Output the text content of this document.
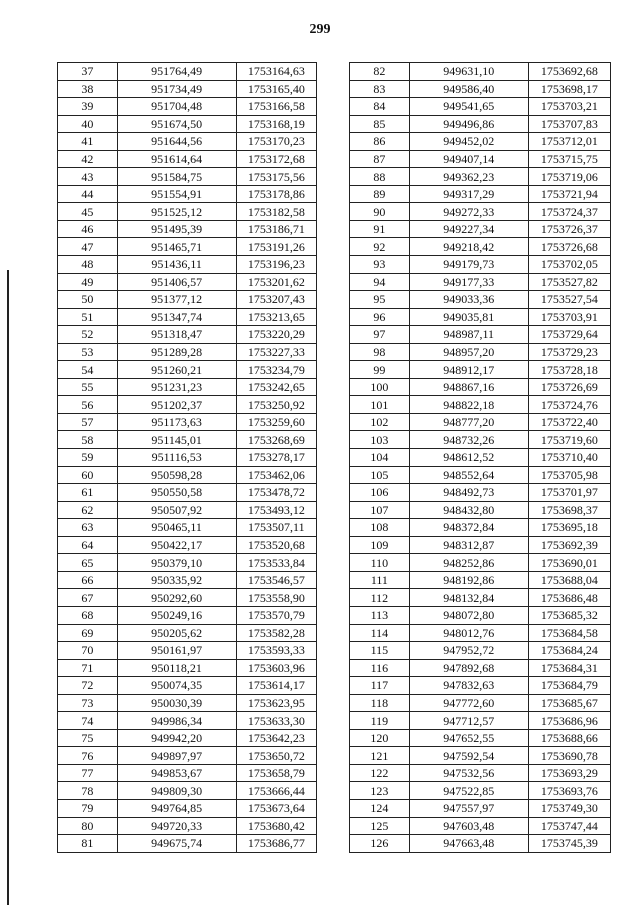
299
37	951764,49	1753164,63
38	951734,49	1753165,40
39	951704,48	1753166,58
40	951674,50	1753168,19
41	951644,56	1753170,23
42	951614,64	1753172,68
43	951584,75	1753175,56
44	951554,91	1753178,86
45	951525,12	1753182,58
46	951495,39	1753186,71
47	951465,71	1753191,26
48	951436,11	1753196,23
49	951406,57	1753201,62
50	951377,12	1753207,43
51	951347,74	1753213,65
52	951318,47	1753220,29
53	951289,28	1753227,33
54	951260,21	1753234,79
55	951231,23	1753242,65
56	951202,37	1753250,92
57	951173,63	1753259,60
58	951145,01	1753268,69
59	951116,53	1753278,17
60	950598,28	1753462,06
61	950550,58	1753478,72
62	950507,92	1753493,12
63	950465,11	1753507,11
64	950422,17	1753520,68
65	950379,10	1753533,84
66	950335,92	1753546,57
67	950292,60	1753558,90
68	950249,16	1753570,79
69	950205,62	1753582,28
70	950161,97	1753593,33
71	950118,21	1753603,96
72	950074,35	1753614,17
73	950030,39	1753623,95
74	949986,34	1753633,30
75	949942,20	1753642,23
76	949897,97	1753650,72
77	949853,67	1753658,79
78	949809,30	1753666,44
79	949764,85	1753673,64
80	949720,33	1753680,42
81	949675,74	1753686,77
82	949631,10	1753692,68
83	949586,40	1753698,17
84	949541,65	1753703,21
85	949496,86	1753707,83
86	949452,02	1753712,01
87	949407,14	1753715,75
88	949362,23	1753719,06
89	949317,29	1753721,94
90	949272,33	1753724,37
91	949227,34	1753726,37
92	949218,42	1753726,68
93	949179,73	1753702,05
94	949177,33	1753527,82
95	949033,36	1753527,54
96	949035,81	1753703,91
97	948987,11	1753729,64
98	948957,20	1753729,23
99	948912,17	1753728,18
100	948867,16	1753726,69
101	948822,18	1753724,76
102	948777,20	1753722,40
103	948732,26	1753719,60
104	948612,52	1753710,40
105	948552,64	1753705,98
106	948492,73	1753701,97
107	948432,80	1753698,37
108	948372,84	1753695,18
109	948312,87	1753692,39
110	948252,86	1753690,01
111	948192,86	1753688,04
112	948132,84	1753686,48
113	948072,80	1753685,32
114	948012,76	1753684,58
115	947952,72	1753684,24
116	947892,68	1753684,31
117	947832,63	1753684,79
118	947772,60	1753685,67
119	947712,57	1753686,96
120	947652,55	1753688,66
121	947592,54	1753690,78
122	947532,56	1753693,29
123	947522,85	1753693,76
124	947557,97	1753749,30
125	947603,48	1753747,44
126	947663,48	1753745,39
